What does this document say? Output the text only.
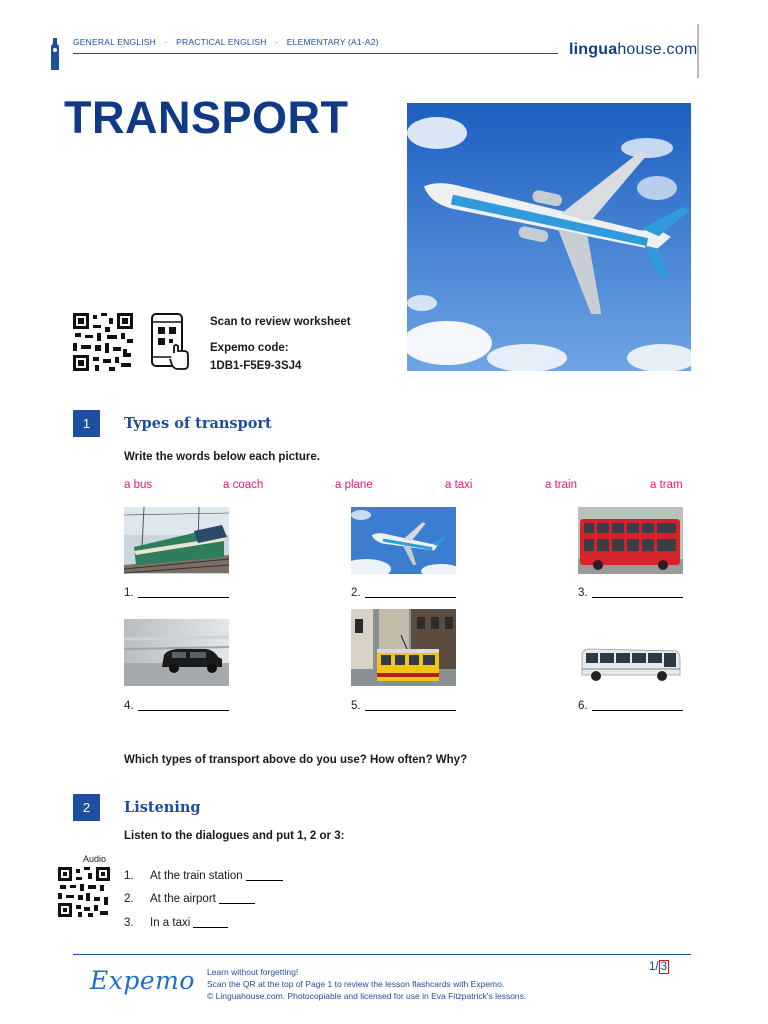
GENERAL ENGLISH · PRACTICAL ENGLISH · ELEMENTARY (A1-A2)	linguahouse.com
TRANSPORT
Scan to review worksheet
Expemo code:
1DB1-F5E9-3SJ4
1	Types of transport
Write the words below each picture.
a bus	a coach	a plane	a taxi	a train	a tram
1.	2.	3.
4.	5.	6.
Which types of transport above do you use? How often? Why?
2	Listening
Listen to the dialogues and put 1, 2 or 3:
Audio
1. At the train station
2. At the airport
3. In a taxi
Expemo Learn without forgetting!
Scan the QR at the top of Page 1 to review the lesson flashcards with Expemo.
© Linguahouse.com. Photocopiable and licensed for use in Eva Fitzpatrick's lessons.
1/ 3
